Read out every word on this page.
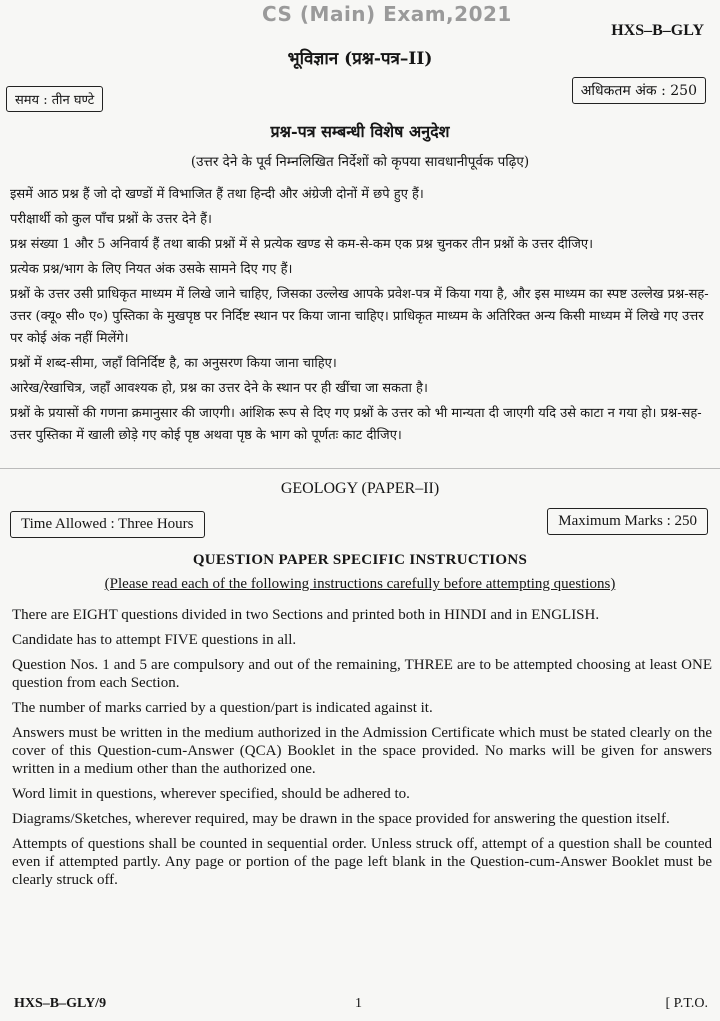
CS (Main) Exam,2021
HXS–B–GLY
भूविज्ञान (प्रश्न-पत्र–II)
समय : तीन घण्टे
अधिकतम अंक : 250
प्रश्न-पत्र सम्बन्धी विशेष अनुदेश
(उत्तर देने के पूर्व निम्नलिखित निर्देशों को कृपया सावधानीपूर्वक पढ़िए)

इसमें आठ प्रश्न हैं जो दो खण्डों में विभाजित हैं तथा हिन्दी और अंग्रेजी दोनों में छपे हुए हैं।

परीक्षार्थी को कुल पाँच प्रश्नों के उत्तर देने हैं।

प्रश्न संख्या 1 और 5 अनिवार्य हैं तथा बाकी प्रश्नों में से प्रत्येक खण्ड से कम-से-कम एक प्रश्न चुनकर तीन प्रश्नों के उत्तर दीजिए।

प्रत्येक प्रश्न/भाग के लिए नियत अंक उसके सामने दिए गए हैं।

प्रश्नों के उत्तर उसी प्राधिकृत माध्यम में लिखे जाने चाहिए, जिसका उल्लेख आपके प्रवेश-पत्र में किया गया है, और इस माध्यम का स्पष्ट उल्लेख प्रश्न-सह-उत्तर (क्यू० सी० ए०) पुस्तिका के मुखपृष्ठ पर निर्दिष्ट स्थान पर किया जाना चाहिए। प्राधिकृत माध्यम के अतिरिक्त अन्य किसी माध्यम में लिखे गए उत्तर पर कोई अंक नहीं मिलेंगे।

प्रश्नों में शब्द-सीमा, जहाँ विनिर्दिष्ट है, का अनुसरण किया जाना चाहिए।

आरेख/रेखाचित्र, जहाँ आवश्यक हो, प्रश्न का उत्तर देने के स्थान पर ही खींचा जा सकता है।

प्रश्नों के प्रयासों की गणना क्रमानुसार की जाएगी। आंशिक रूप से दिए गए प्रश्नों के उत्तर को भी मान्यता दी जाएगी यदि उसे काटा न गया हो। प्रश्न-सह-उत्तर पुस्तिका में खाली छोड़े गए कोई पृष्ठ अथवा पृष्ठ के भाग को पूर्णतः काट दीजिए।

GEOLOGY (PAPER–II)
Time Allowed : Three Hours	Maximum Marks : 250
QUESTION PAPER SPECIFIC INSTRUCTIONS
(Please read each of the following instructions carefully before attempting questions)

There are EIGHT questions divided in two Sections and printed both in HINDI and in ENGLISH.

Candidate has to attempt FIVE questions in all.

Question Nos. 1 and 5 are compulsory and out of the remaining, THREE are to be attempted choosing at least ONE question from each Section.

The number of marks carried by a question/part is indicated against it.

Answers must be written in the medium authorized in the Admission Certificate which must be stated clearly on the cover of this Question-cum-Answer (QCA) Booklet in the space provided. No marks will be given for answers written in a medium other than the authorized one.

Word limit in questions, wherever specified, should be adhered to.

Diagrams/Sketches, wherever required, may be drawn in the space provided for answering the question itself.

Attempts of questions shall be counted in sequential order. Unless struck off, attempt of a question shall be counted even if attempted partly. Any page or portion of the page left blank in the Question-cum-Answer Booklet must be clearly struck off.

HXS–B–GLY/9	1	[ P.T.O.
